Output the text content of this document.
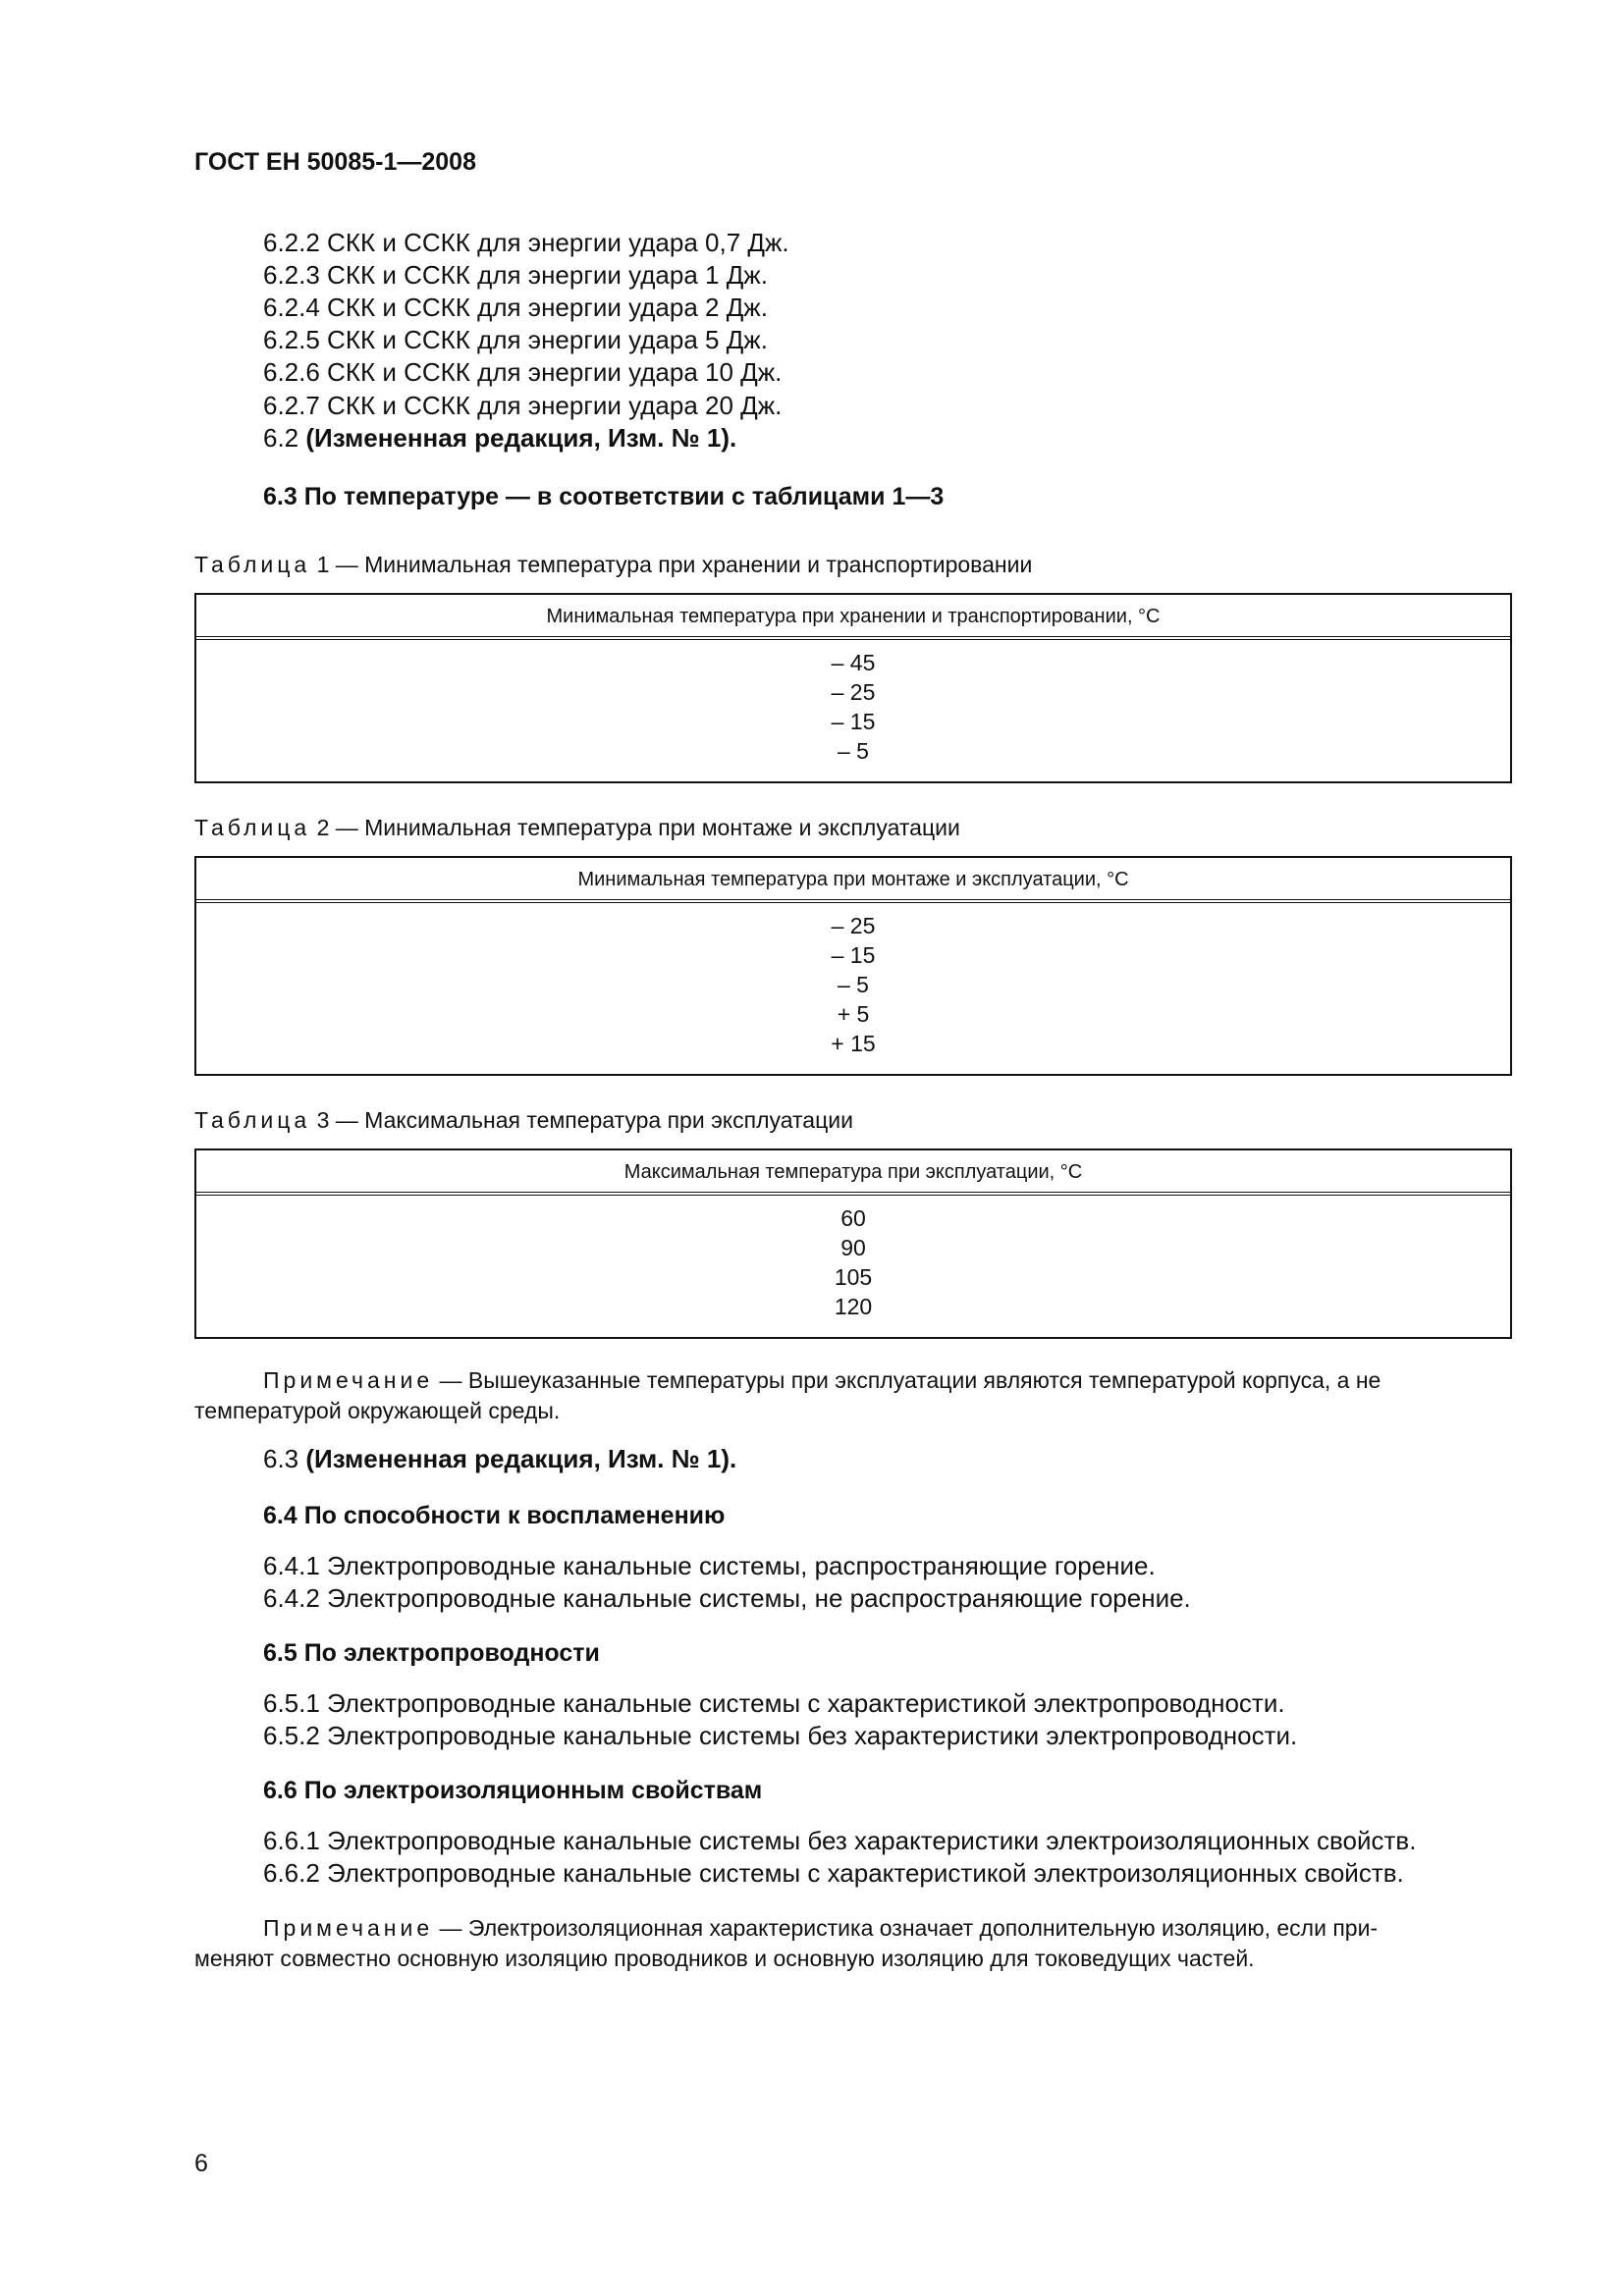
ГОСТ ЕН 50085-1—2008
6.2.2 СКК и ССКК для энергии удара 0,7 Дж.
6.2.3 СКК и ССКК для энергии удара 1 Дж.
6.2.4 СКК и ССКК для энергии удара 2 Дж.
6.2.5 СКК и ССКК для энергии удара 5 Дж.
6.2.6 СКК и ССКК для энергии удара 10 Дж.
6.2.7 СКК и ССКК для энергии удара 20 Дж.
6.2 (Измененная редакция, Изм. № 1).
6.3 По температуре — в соответствии с таблицами 1—3
Таблица 1 — Минимальная температура при хранении и транспортировании
Минимальная температура при хранении и транспортировании, °С
– 45
– 25
– 15
– 5
Таблица 2 — Минимальная температура при монтаже и эксплуатации
Минимальная температура при монтаже и эксплуатации, °С
– 25
– 15
– 5
+ 5
+ 15
Таблица 3 — Максимальная температура при эксплуатации
Максимальная температура при эксплуатации, °С
60
90
105
120
Примечание — Вышеуказанные температуры при эксплуатации являются температурой корпуса, а не
температурой окружающей среды.
6.3 (Измененная редакция, Изм. № 1).
6.4 По способности к воспламенению
6.4.1 Электропроводные канальные системы, распространяющие горение.
6.4.2 Электропроводные канальные системы, не распространяющие горение.
6.5 По электропроводности
6.5.1 Электропроводные канальные системы с характеристикой электропроводности.
6.5.2 Электропроводные канальные системы без характеристики электропроводности.
6.6 По электроизоляционным свойствам
6.6.1 Электропроводные канальные системы без характеристики электроизоляционных свойств.
6.6.2 Электропроводные канальные системы с характеристикой электроизоляционных свойств.
Примечание — Электроизоляционная характеристика означает дополнительную изоляцию, если при-
меняют совместно основную изоляцию проводников и основную изоляцию для токоведущих частей.
6
